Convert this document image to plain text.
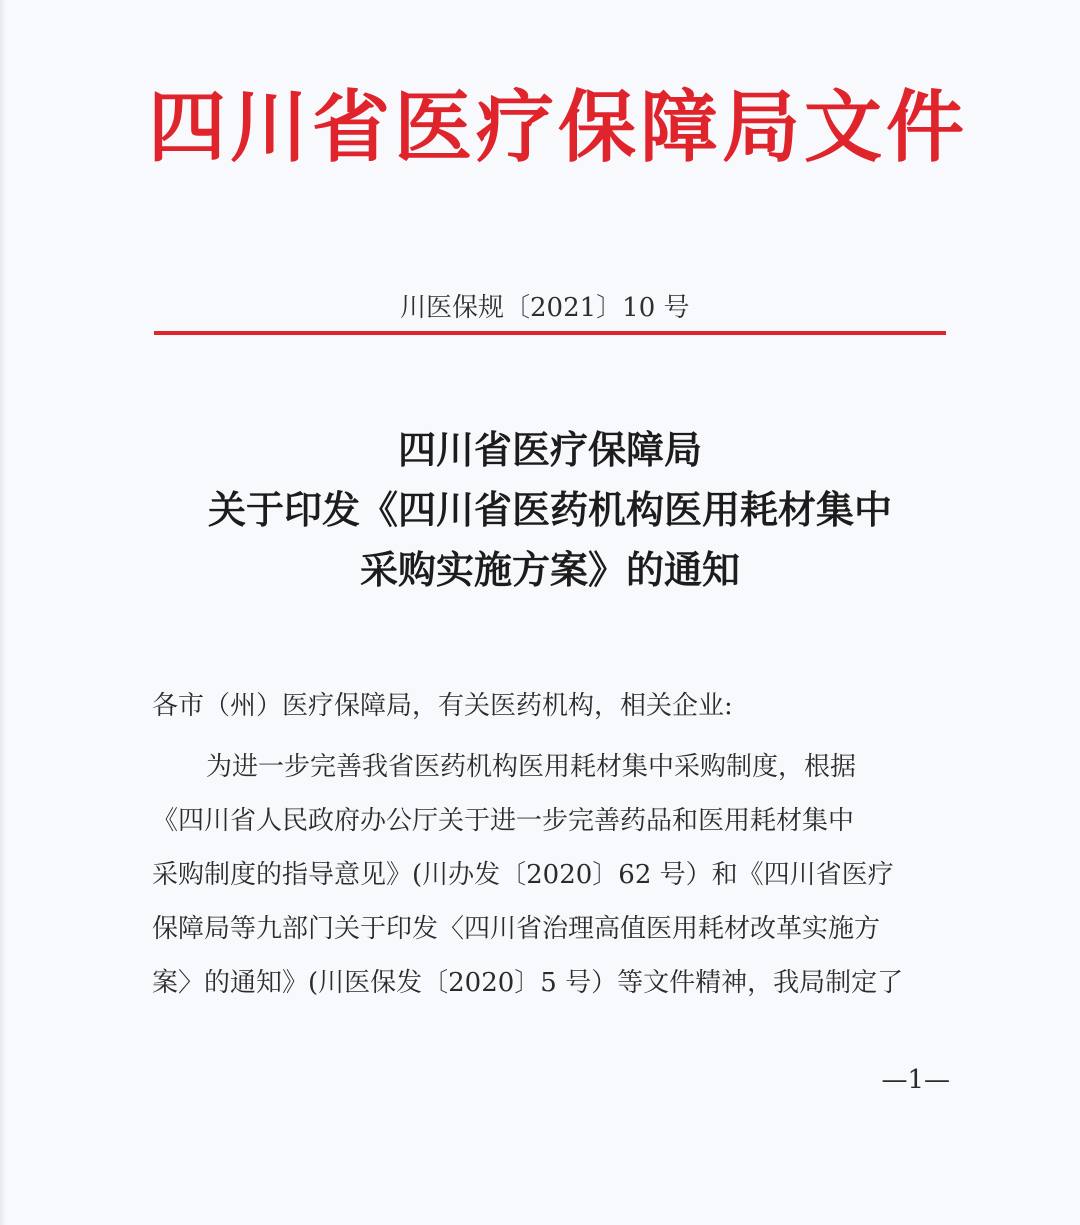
四川省医疗保障局文件
川医保规〔2021〕10 号
四川省医疗保障局
关于印发《四川省医药机构医用耗材集中
采购实施方案》的通知
各市（州）医疗保障局，有关医药机构，相关企业:
为进一步完善我省医药机构医用耗材集中采购制度，根据
《四川省人民政府办公厅关于进一步完善药品和医用耗材集中
采购制度的指导意见》(川办发〔2020〕62 号）和《四川省医疗
保障局等九部门关于印发〈四川省治理高值医用耗材改革实施方
案〉的通知》(川医保发〔2020〕5 号）等文件精神，我局制定了
—1—
